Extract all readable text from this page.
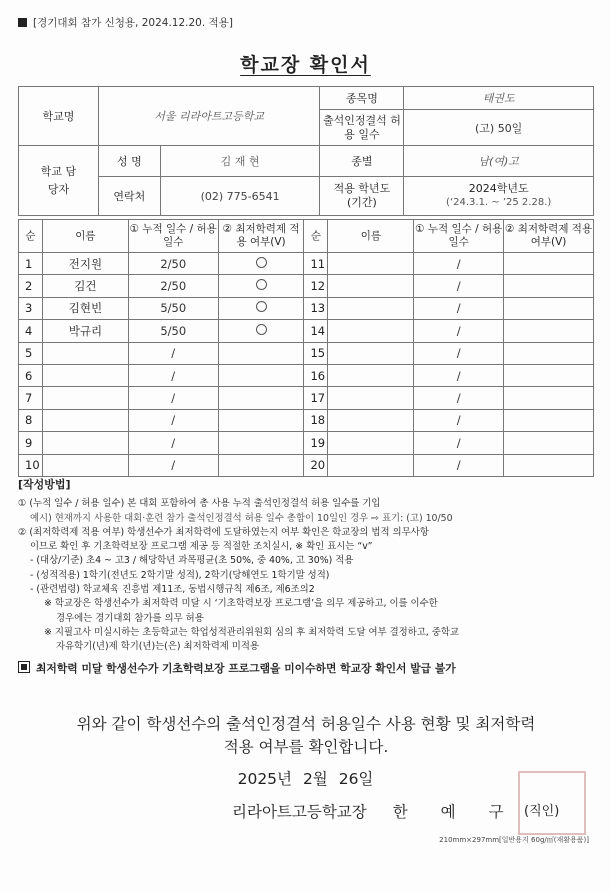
[경기대회 참가 신청용, 2024.12.20. 적용]
학교장 확인서
학교명	서울 리라아트고등학교		종목명	태권도
			출석인정결석 허용 일수	(고) 50일
학교 담당자	성 명	김 재 현	종별	남(여)고
	연락처	(02) 775-6541	적용 학년도 (기간)	2024학년도
(‘24.3.1. ~ ’25 2.28.)
순	이름	① 누적 일수 / 허용 일수	② 최저학력제 적용 여부(V)	순	이름	① 누적 일수 / 허용 일수	② 최저학력제 적용 여부(V)
1	전지원	2/50		11		/	
2	김건	2/50		12		/	
3	김현빈	5/50		13		/	
4	박규리	5/50		14		/	
5		/		15		/	
6		/		16		/	
7		/		17		/	
8		/		18		/	
9		/		19		/	
10		/		20		/	
[작성방법]
① (누적 일수 / 허용 일수) 본 대회 포함하여 총 사용 누적 출석인정결석 허용 일수를 기입
예시) 현재까지 사용한 대회·훈련 참가 출석인정결석 허용 일수 총합이 10일인 경우 ⇨ 표기: (고) 10/50
② (최저학력제 적용 여부) 학생선수가 최저학력에 도달하였는지 여부 확인은 학교장의 법적 의무사항
이므로 확인 후 기초학력보장 프로그램 제공 등 적절한 조치실시, ※ 확인 표시는 “v”
- (대상/기준) 초4 ~ 고3 / 해당학년 과목평균(초 50%, 중 40%, 고 30%) 적용
- (성적적용) 1학기(전년도 2학기말 성적), 2학기(당해연도 1학기말 성적)
- (관련법령) 학교체육 진흥법 제11조, 동법시행규칙 제6조, 제6조의2
※ 학교장은 학생선수가 최저학력 미달 시 ‘기초학력보장 프로그램’을 의무 제공하고, 이를 이수한
경우에는 경기대회 참가를 의무 허용
※ 지필고사 미실시하는 초등학교는 학업성적관리위원회 심의 후 최저학력 도달 여부 결정하고, 중학교
자유학기(년)제 학기(년)는(은) 최저학력제 미적용
최저학력 미달 학생선수가 기초학력보장 프로그램을 미이수하면 학교장 확인서 발급 불가
위와 같이 학생선수의 출석인정결석 허용일수 사용 현황 및 최저학력
적용 여부를 확인합니다.
2025년 2월 26일
리라아트고등학교장 한 예 구 (직인)
210mm×297mm[일반용지 60g/㎡(재활용품)]
